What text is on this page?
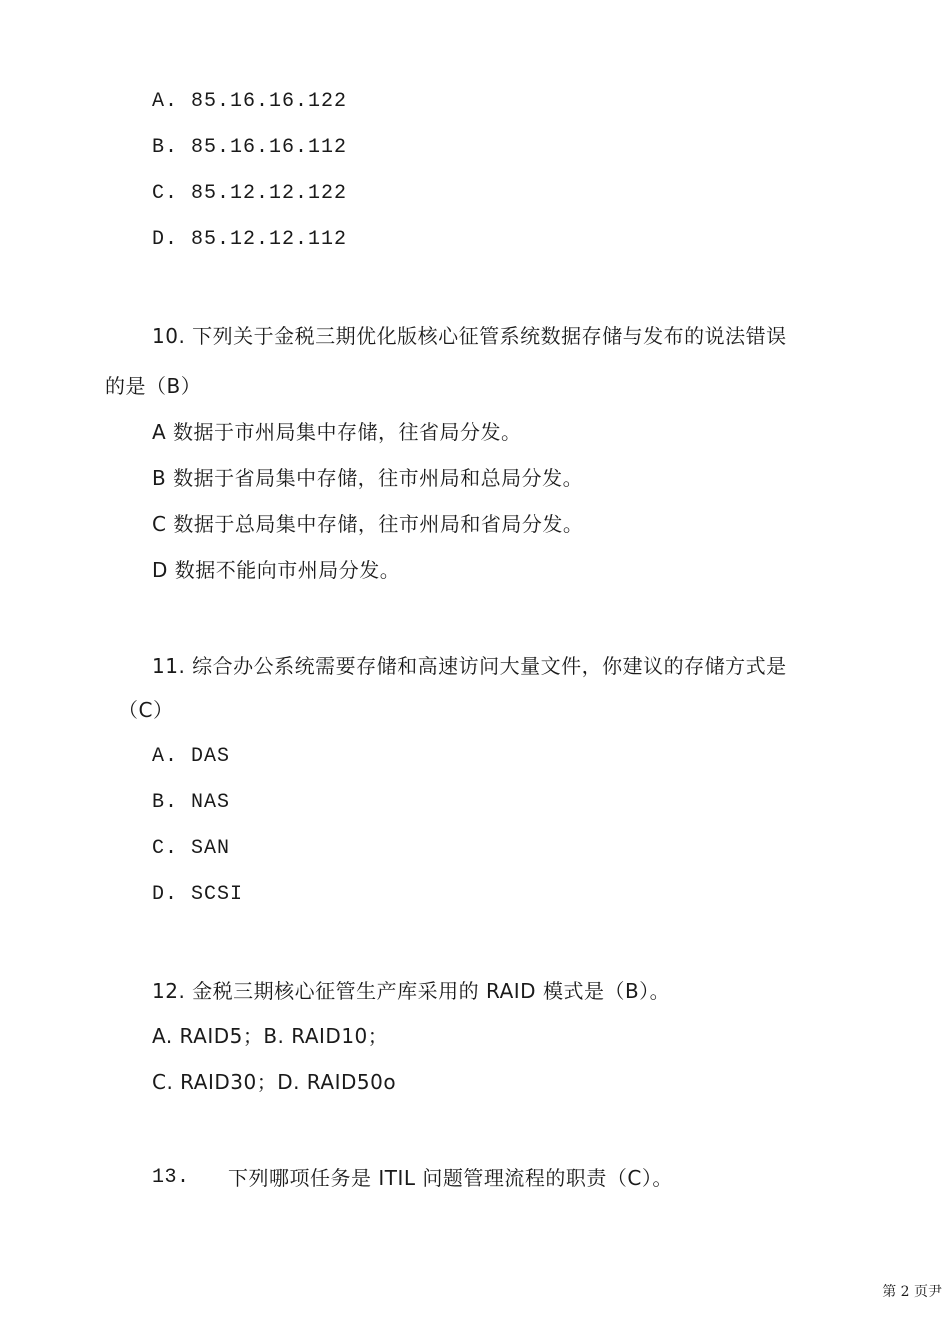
A. 85.16.16.122
B. 85.16.16.112
C. 85.12.12.122
D. 85.12.12.112
10. 下列关于金税三期优化版核心征管系统数据存储与发布的说法错误
的是（B）
A 数据于市州局集中存储，往省局分发。
B 数据于省局集中存储，往市州局和总局分发。
C 数据于总局集中存储，往市州局和省局分发。
D 数据不能向市州局分发。
11. 综合办公系统需要存储和高速访问大量文件，你建议的存储方式是
（C）
A. DAS
B. NAS
C. SAN
D. SCSI
12. 金税三期核心征管生产库采用的 RAID 模式是（B）。
A. RAID5；B. RAID10；
C. RAID30；D. RAID50o
13. 下列哪项任务是 ITIL 问题管理流程的职责（C）。
第 2 页尹
